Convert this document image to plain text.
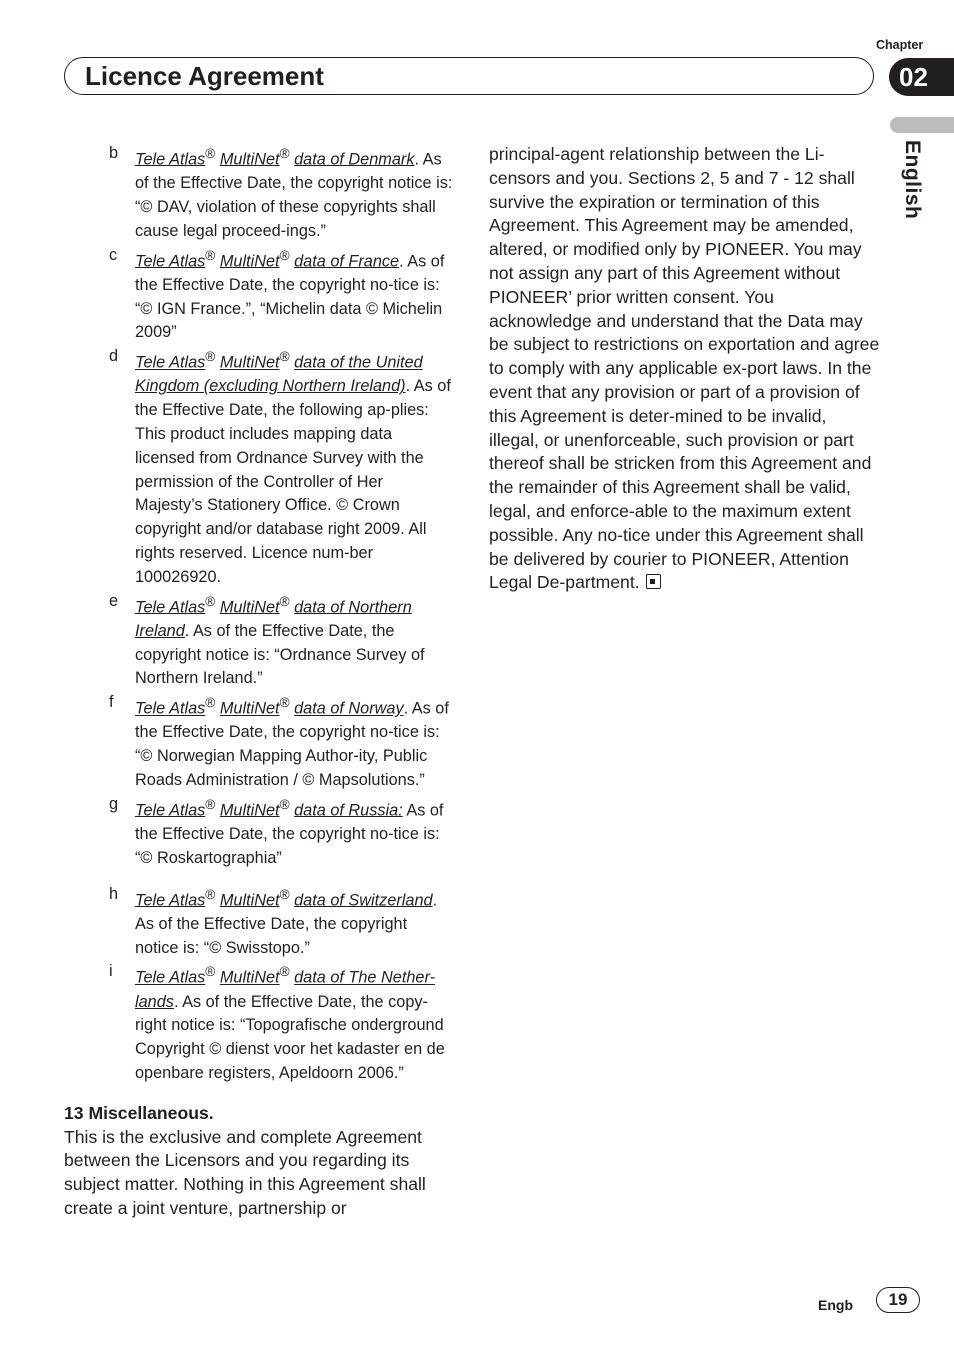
Chapter
02
Licence Agreement
English
b	Tele Atlas® MultiNet® data of Denmark. As of the Effective Date, the copyright notice is: “© DAV, violation of these copyrights shall cause legal proceed-ings.”
c	Tele Atlas® MultiNet® data of France. As of the Effective Date, the copyright no-tice is: “© IGN France.”, “Michelin data © Michelin 2009”
d	Tele Atlas® MultiNet® data of the United Kingdom (excluding Northern Ireland). As of the Effective Date, the following ap-plies: This product includes mapping data licensed from Ordnance Survey with the permission of the Controller of Her Majesty’s Stationery Office. © Crown copyright and/or database right 2009. All rights reserved. Licence num-ber 100026920.
e	Tele Atlas® MultiNet® data of Northern Ireland. As of the Effective Date, the copyright notice is: “Ordnance Survey of Northern Ireland.”
f	Tele Atlas® MultiNet® data of Norway. As of the Effective Date, the copyright no-tice is: “© Norwegian Mapping Author-ity, Public Roads Administration / © Mapsolutions.”
g	Tele Atlas® MultiNet® data of Russia: As of the Effective Date, the copyright no-tice is: “© Roskartographia”
h	Tele Atlas® MultiNet® data of Switzerland. As of the Effective Date, the copyright notice is: “© Swisstopo.”
i	Tele Atlas® MultiNet® data of The Nether-lands. As of the Effective Date, the copy-right notice is: “Topografische onderground Copyright © dienst voor het kadaster en de openbare registers, Apeldoorn 2006.”
13 Miscellaneous.
This is the exclusive and complete Agreement between the Licensors and you regarding its subject matter. Nothing in this Agreement shall create a joint venture, partnership or
principal-agent relationship between the Li-censors and you. Sections 2, 5 and 7 - 12 shall survive the expiration or termination of this Agreement. This Agreement may be amended, altered, or modified only by PIONEER. You may not assign any part of this Agreement without PIONEER’ prior written consent. You acknowledge and understand that the Data may be subject to restrictions on exportation and agree to comply with any applicable ex-port laws. In the event that any provision or part of a provision of this Agreement is deter-mined to be invalid, illegal, or unenforceable, such provision or part thereof shall be stricken from this Agreement and the remainder of this Agreement shall be valid, legal, and enforce-able to the maximum extent possible. Any no-tice under this Agreement shall be delivered by courier to PIONEER, Attention Legal De-partment.
Engb	19
